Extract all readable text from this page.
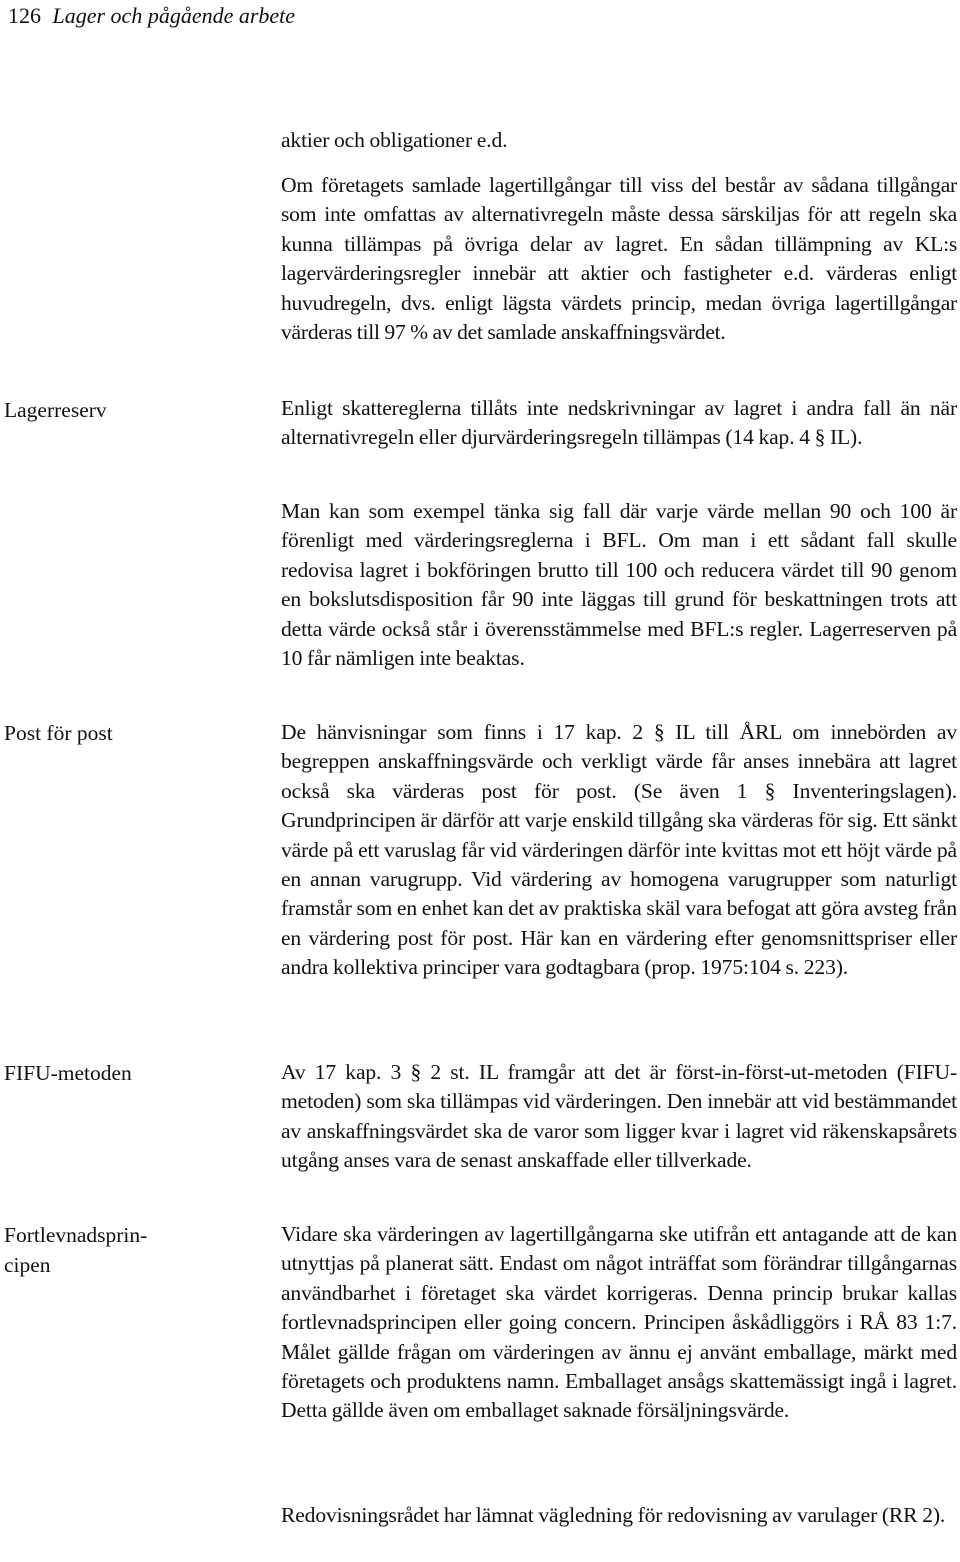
126 Lager och pågående arbete
Lagerreserv
Post för post
FIFU-metoden
Fortlevnadsprin-
cipen

aktier och obligationer e.d.

Om företagets samlade lagertillgångar till viss del består av sådana tillgångar som inte omfattas av alternativregeln måste dessa särskiljas för att regeln ska kunna tillämpas på övriga delar av lagret. En sådan tillämpning av KL:s lagervärderingsregler innebär att aktier och fastigheter e.d. värderas enligt huvudregeln, dvs. enligt lägsta värdets princip, medan övriga lagertillgångar värderas till 97 % av det samlade anskaffningsvärdet.

Enligt skattereglerna tillåts inte nedskrivningar av lagret i andra fall än när alternativregeln eller djurvärderingsregeln tillämpas (14 kap. 4 § IL).

Man kan som exempel tänka sig fall där varje värde mellan 90 och 100 är förenligt med värderingsreglerna i BFL. Om man i ett sådant fall skulle redovisa lagret i bokföringen brutto till 100 och reducera värdet till 90 genom en bokslutsdisposition får 90 inte läggas till grund för beskattningen trots att detta värde också står i överensstämmelse med BFL:s regler. Lagerreserven på 10 får nämligen inte beaktas.

De hänvisningar som finns i 17 kap. 2 § IL till ÅRL om innebörden av begreppen anskaffningsvärde och verkligt värde får anses innebära att lagret också ska värderas post för post. (Se även 1 § Inventeringslagen). Grundprincipen är därför att varje enskild tillgång ska värderas för sig. Ett sänkt värde på ett varuslag får vid värderingen därför inte kvittas mot ett höjt värde på en annan varugrupp. Vid värdering av homogena varugrupper som naturligt framstår som en enhet kan det av praktiska skäl vara befogat att göra avsteg från en värdering post för post. Här kan en värdering efter genomsnittspriser eller andra kollektiva principer vara godtagbara (prop. 1975:104 s. 223).

Av 17 kap. 3 § 2 st. IL framgår att det är först-in-först-ut-metoden (FIFU-metoden) som ska tillämpas vid värderingen. Den innebär att vid bestämmandet av anskaffningsvärdet ska de varor som ligger kvar i lagret vid räkenskapsårets utgång anses vara de senast anskaffade eller tillverkade.

Vidare ska värderingen av lagertillgångarna ske utifrån ett antagande att de kan utnyttjas på planerat sätt. Endast om något inträffat som förändrar tillgångarnas användbarhet i företaget ska värdet korrigeras. Denna princip brukar kallas fortlevnadsprincipen eller going concern. Principen åskådliggörs i RÅ 83 1:7. Målet gällde frågan om värderingen av ännu ej använt emballage, märkt med företagets och produktens namn. Emballaget ansågs skattemässigt ingå i lagret. Detta gällde även om emballaget saknade försäljningsvärde.

Redovisningsrådet har lämnat vägledning för redovisning av varulager (RR 2).
